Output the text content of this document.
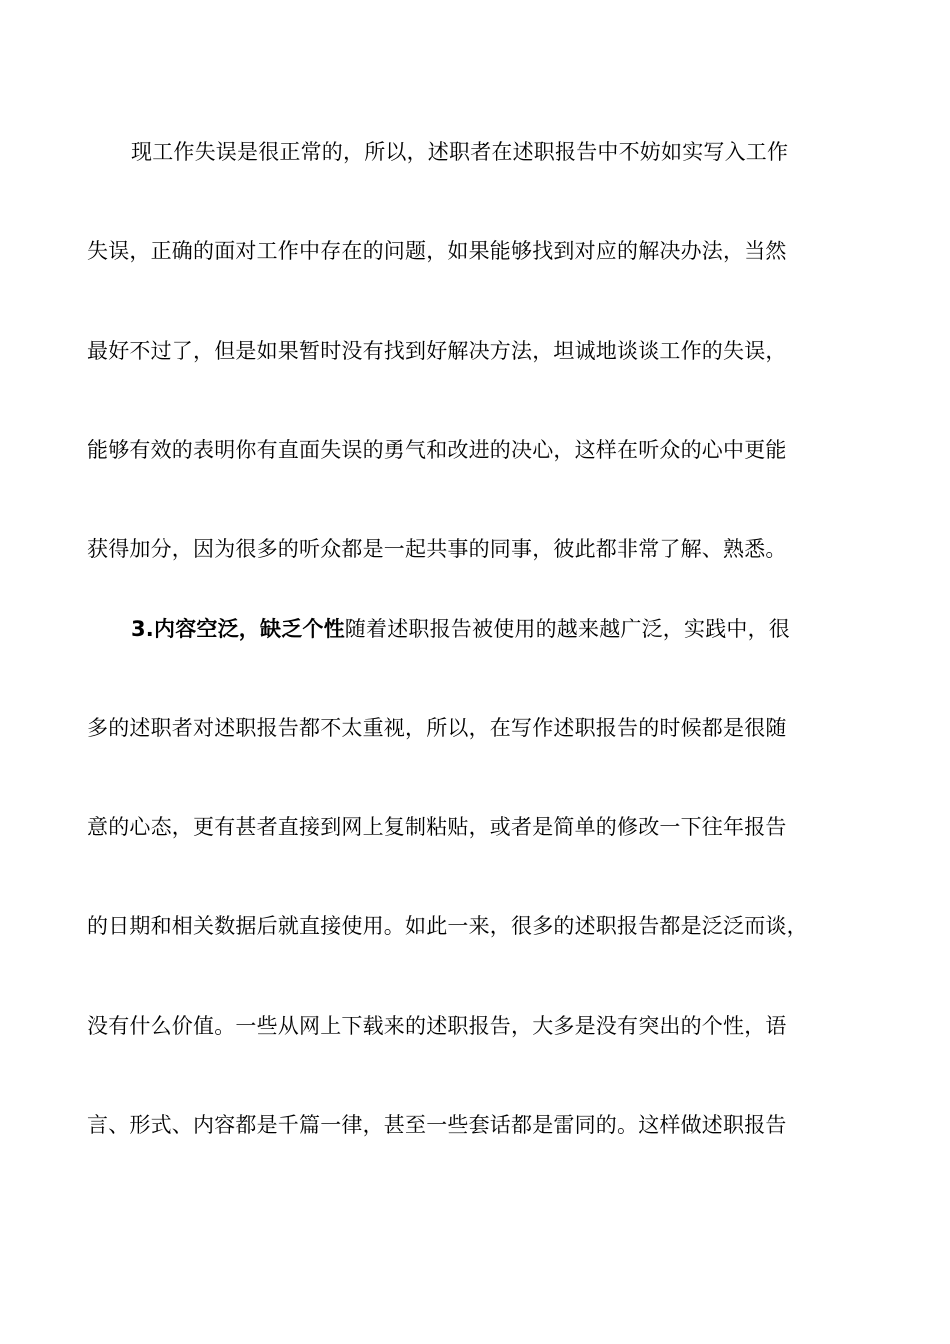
现工作失误是很正常的，所以，述职者在述职报告中不妨如实写入工作
失误，正确的面对工作中存在的问题，如果能够找到对应的解决办法，当然
最好不过了，但是如果暂时没有找到好解决方法，坦诚地谈谈工作的失误，
能够有效的表明你有直面失误的勇气和改进的决心，这样在听众的心中更能
获得加分，因为很多的听众都是一起共事的同事，彼此都非常了解、熟悉。
3.内容空泛，缺乏个性随着述职报告被使用的越来越广泛，实践中，很
多的述职者对述职报告都不太重视，所以，在写作述职报告的时候都是很随
意的心态，更有甚者直接到网上复制粘贴，或者是简单的修改一下往年报告
的日期和相关数据后就直接使用。如此一来，很多的述职报告都是泛泛而谈，
没有什么价值。一些从网上下载来的述职报告，大多是没有突出的个性，语
言、形式、内容都是千篇一律，甚至一些套话都是雷同的。这样做述职报告
